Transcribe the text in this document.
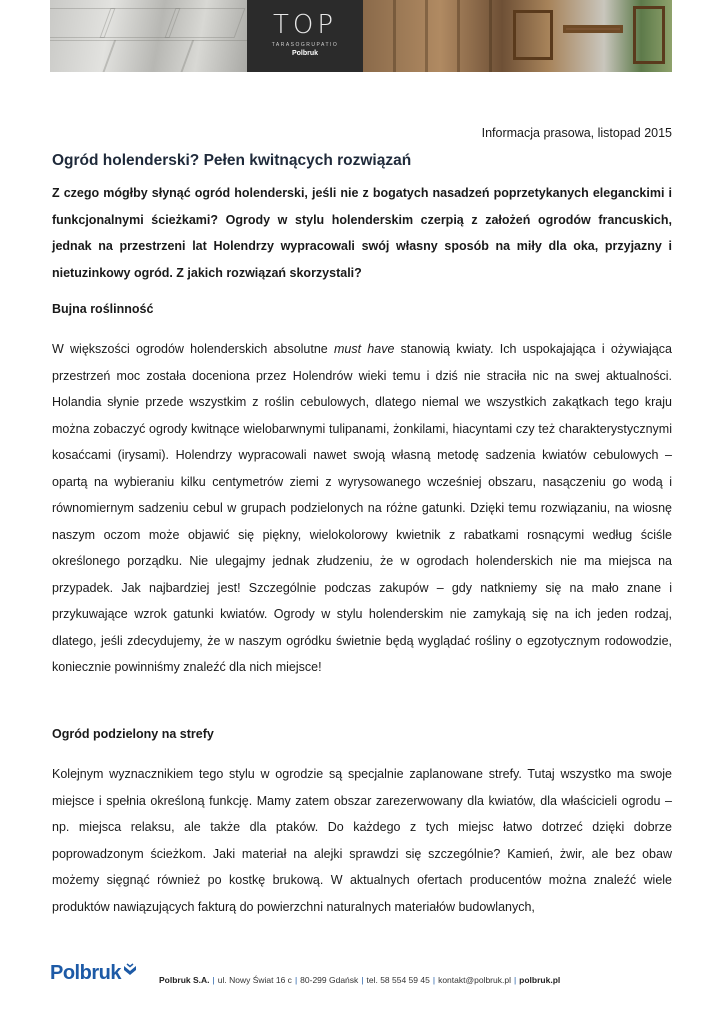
TOP
TARASOGRUPATIO
Polbruk
Informacja prasowa, listopad 2015
Ogród holenderski? Pełen kwitnących rozwiązań
Z czego mógłby słynąć ogród holenderski, jeśli nie z bogatych nasadzeń poprzetykanych eleganckimi i funkcjonalnymi ścieżkami? Ogrody w stylu holenderskim czerpią z założeń ogrodów francuskich, jednak na przestrzeni lat Holendrzy wypracowali swój własny sposób na miły dla oka, przyjazny i nietuzinkowy ogród. Z jakich rozwiązań skorzystali?
Bujna roślinność
W większości ogrodów holenderskich absolutne must have stanowią kwiaty. Ich uspokajająca i ożywiająca przestrzeń moc została doceniona przez Holendrów wieki temu i dziś nie straciła nic na swej aktualności. Holandia słynie przede wszystkim z roślin cebulowych, dlatego niemal we wszystkich zakątkach tego kraju można zobaczyć ogrody kwitnące wielobarwnymi tulipanami, żonkilami, hiacyntami czy też charakterystycznymi kosaćcami (irysami). Holendrzy wypracowali nawet swoją własną metodę sadzenia kwiatów cebulowych – opartą na wybieraniu kilku centymetrów ziemi z wyrysowanego wcześniej obszaru, nasączeniu go wodą i równomiernym sadzeniu cebul w grupach podzielonych na różne gatunki. Dzięki temu rozwiązaniu, na wiosnę naszym oczom może objawić się piękny, wielokolorowy kwietnik z rabatkami rosnącymi według ściśle określonego porządku. Nie ulegajmy jednak złudzeniu, że w ogrodach holenderskich nie ma miejsca na przypadek. Jak najbardziej jest! Szczególnie podczas zakupów – gdy natkniemy się na mało znane i przykuwające wzrok gatunki kwiatów. Ogrody w stylu holenderskim nie zamykają się na ich jeden rodzaj, dlatego, jeśli zdecydujemy, że w naszym ogródku świetnie będą wyglądać rośliny o egzotycznym rodowodzie, koniecznie powinniśmy znaleźć dla nich miejsce!
Ogród podzielony na strefy
Kolejnym wyznacznikiem tego stylu w ogrodzie są specjalnie zaplanowane strefy. Tutaj wszystko ma swoje miejsce i spełnia określoną funkcję. Mamy zatem obszar zarezerwowany dla kwiatów, dla właścicieli ogrodu – np. miejsca relaksu, ale także dla ptaków. Do każdego z tych miejsc łatwo dotrzeć dzięki dobrze poprowadzonym ścieżkom. Jaki materiał na alejki sprawdzi się szczególnie? Kamień, żwir, ale bez obaw możemy sięgnąć również po kostkę brukową. W aktualnych ofertach producentów można znaleźć wiele produktów nawiązujących fakturą do powierzchni naturalnych materiałów budowlanych,
Polbruk	Polbruk S.A. | ul. Nowy Świat 16 c | 80-299 Gdańsk | tel. 58 554 59 45 | kontakt@polbruk.pl | polbruk.pl
